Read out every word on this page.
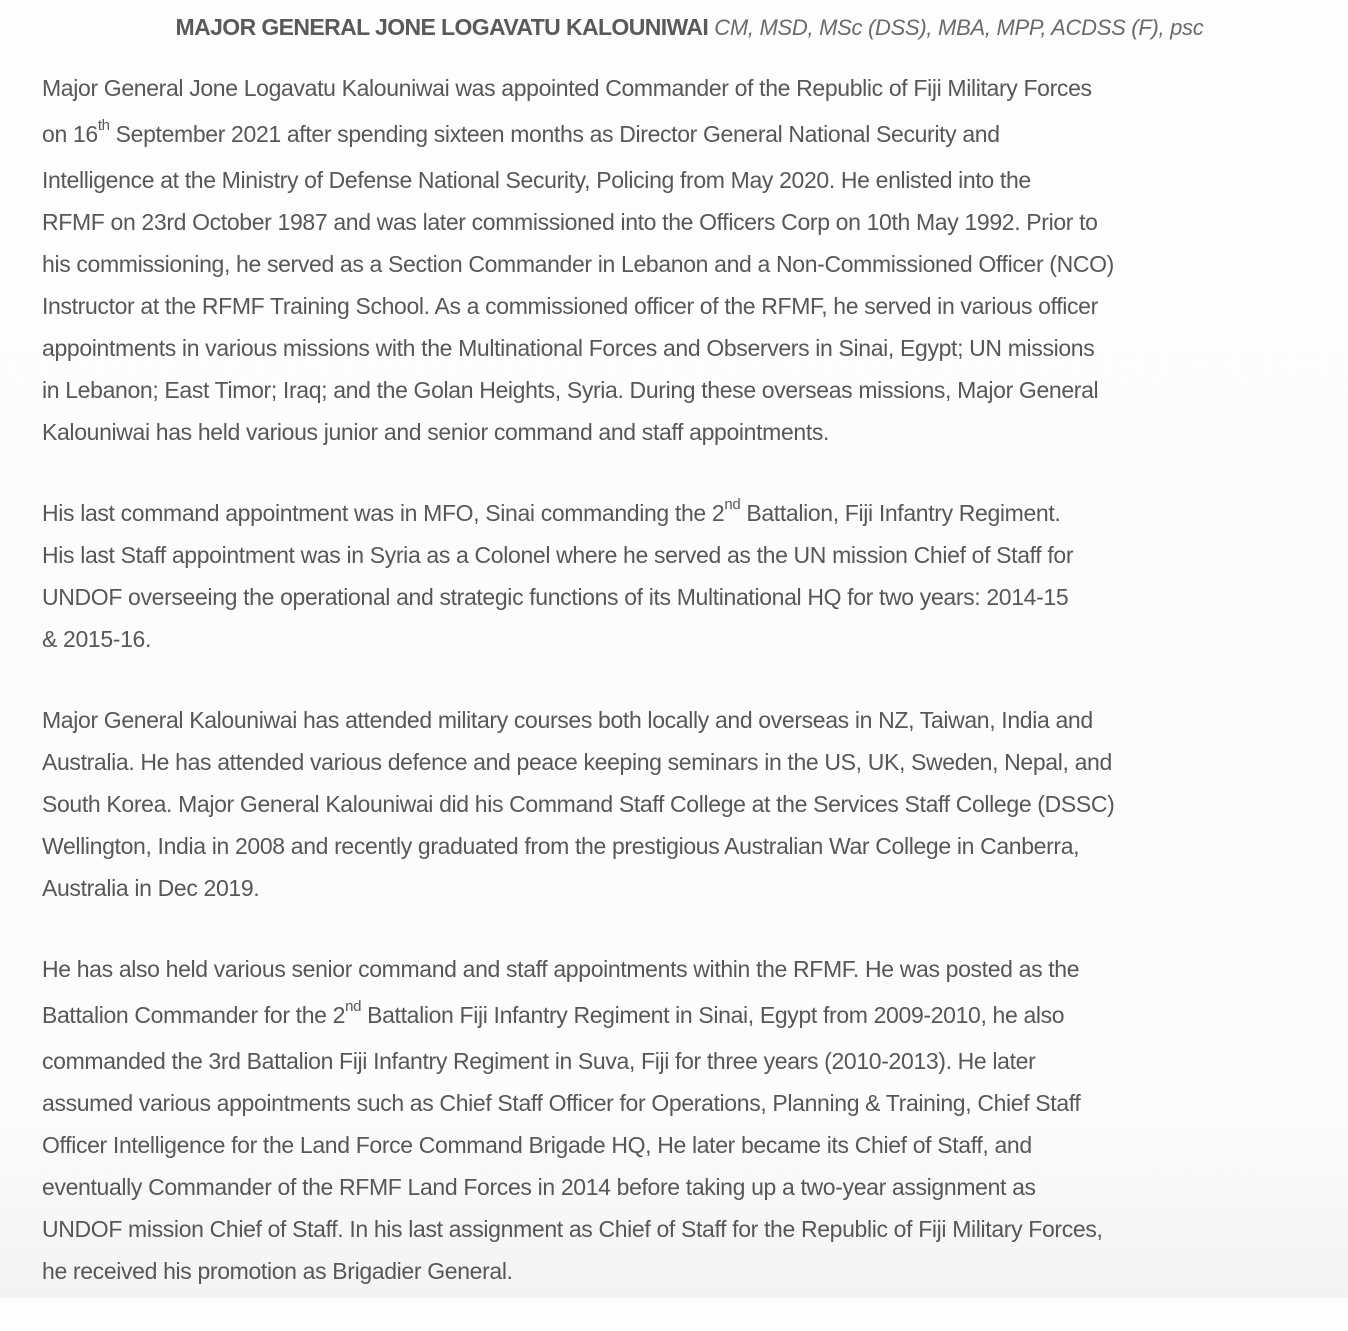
MAJOR GENERAL JONE LOGAVATU KALOUNIWAI CM, MSD, MSc (DSS), MBA, MPP, ACDSS (F), psc
Major General Jone Logavatu Kalouniwai was appointed Commander of the Republic of Fiji Military Forces
on 16th September 2021 after spending sixteen months as Director General National Security and
Intelligence at the Ministry of Defense National Security, Policing from May 2020. He enlisted into the
RFMF on 23rd October 1987 and was later commissioned into the Officers Corp on 10th May 1992. Prior to
his commissioning, he served as a Section Commander in Lebanon and a Non-Commissioned Officer (NCO)
Instructor at the RFMF Training School. As a commissioned officer of the RFMF, he served in various officer
appointments in various missions with the Multinational Forces and Observers in Sinai, Egypt; UN missions
in Lebanon; East Timor; Iraq; and the Golan Heights, Syria. During these overseas missions, Major General
Kalouniwai has held various junior and senior command and staff appointments.
His last command appointment was in MFO, Sinai commanding the 2nd Battalion, Fiji Infantry Regiment.
His last Staff appointment was in Syria as a Colonel where he served as the UN mission Chief of Staff for
UNDOF overseeing the operational and strategic functions of its Multinational HQ for two years: 2014-15
& 2015-16.
Major General Kalouniwai has attended military courses both locally and overseas in NZ, Taiwan, India and
Australia. He has attended various defence and peace keeping seminars in the US, UK, Sweden, Nepal, and
South Korea. Major General Kalouniwai did his Command Staff College at the Services Staff College (DSSC)
Wellington, India in 2008 and recently graduated from the prestigious Australian War College in Canberra,
Australia in Dec 2019.
He has also held various senior command and staff appointments within the RFMF. He was posted as the
Battalion Commander for the 2nd Battalion Fiji Infantry Regiment in Sinai, Egypt from 2009-2010, he also
commanded the 3rd Battalion Fiji Infantry Regiment in Suva, Fiji for three years (2010-2013). He later
assumed various appointments such as Chief Staff Officer for Operations, Planning & Training, Chief Staff
Officer Intelligence for the Land Force Command Brigade HQ, He later became its Chief of Staff, and
eventually Commander of the RFMF Land Forces in 2014 before taking up a two-year assignment as
UNDOF mission Chief of Staff. In his last assignment as Chief of Staff for the Republic of Fiji Military Forces,
he received his promotion as Brigadier General.
